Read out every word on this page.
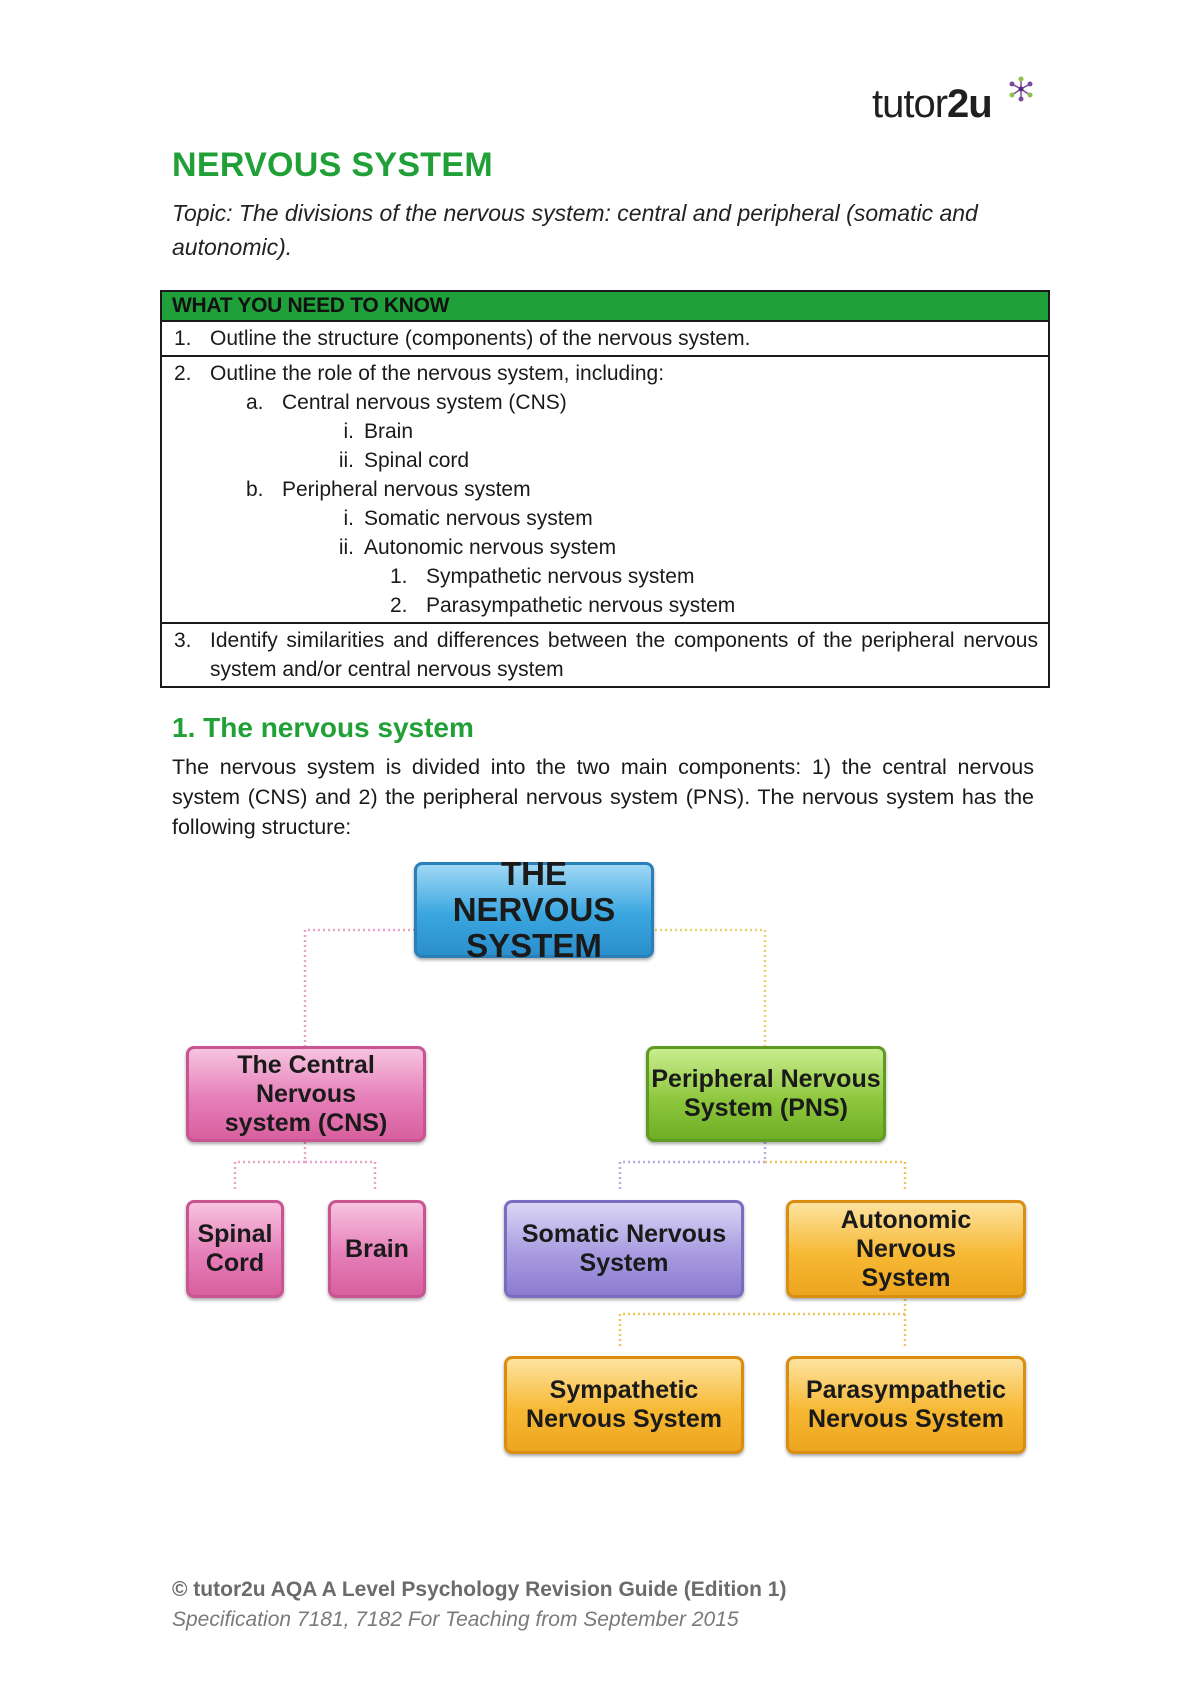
tutor2u
NERVOUS SYSTEM
Topic: The divisions of the nervous system: central and peripheral (somatic and autonomic).
WHAT YOU NEED TO KNOW
1. Outline the structure (components) of the nervous system.
2. Outline the role of the nervous system, including:
a. Central nervous system (CNS)
i. Brain
ii. Spinal cord
b. Peripheral nervous system
i. Somatic nervous system
ii. Autonomic nervous system
1. Sympathetic nervous system
2. Parasympathetic nervous system
3. Identify similarities and differences between the components of the peripheral nervous system and/or central nervous system
1. The nervous system
The nervous system is divided into the two main components: 1) the central nervous system (CNS) and 2) the peripheral nervous system (PNS). The nervous system has the following structure:
THE NERVOUS
SYSTEM
The Central Nervous
system (CNS)
Peripheral Nervous
System (PNS)
Spinal
Cord
Brain
Somatic Nervous
System
Autonomic Nervous
System
Sympathetic
Nervous System
Parasympathetic
Nervous System
© tutor2u AQA A Level Psychology Revision Guide (Edition 1)
Specification 7181, 7182 For Teaching from September 2015
